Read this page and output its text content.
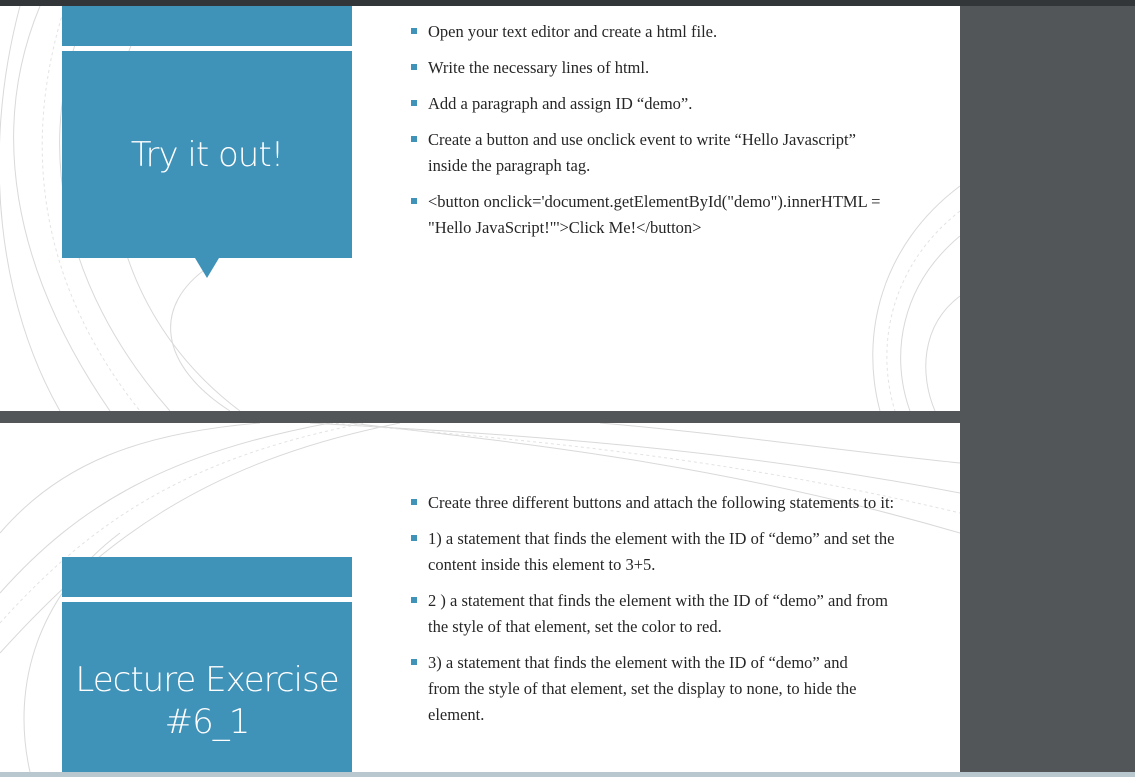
Try it out!
Open your text editor and create a html file.
Write the necessary lines of html.
Add a paragraph and assign ID “demo”.
Create a button and use onclick event to write “Hello Javascript” inside the paragraph tag.
<button onclick='document.getElementById("demo").innerHTML = "Hello JavaScript!"'>Click Me!</button>
Lecture Exercise
#6_1
Create three different buttons and attach the following statements to it:
1) a statement that finds the element with the ID of “demo” and set the content inside this element to 3+5.
2 ) a statement that finds the element with the ID of “demo” and from the style of that element, set the color to red.
3) a statement that finds the element with the ID of “demo” and from the style of that element, set the display to none, to hide the element.
